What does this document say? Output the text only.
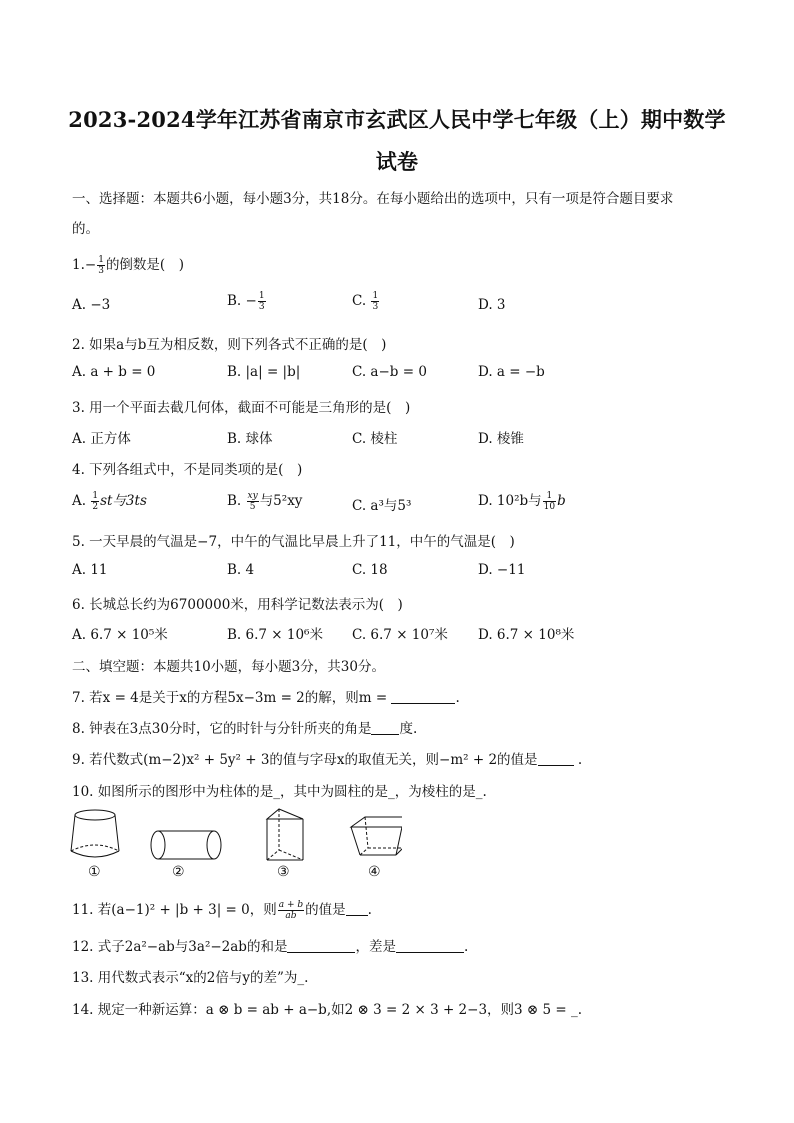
2023-2024学年江苏省南京市玄武区人民中学七年级（上）期中数学
试卷
一、选择题：本题共6小题，每小题3分，共18分。在每小题给出的选项中，只有一项是符合题目要求
的。
$1.- \frac{1}{3}$ 的倒数是(　)
A. −3	B. − $\frac{1}{3}$	C. $\frac{1}{3}$	D. 3
2. 如果a与b互为相反数，则下列各式不正确的是(　)
A. a + b = 0	B. |a| = |b|	C. a−b = 0	D. a = −b
3. 用一个平面去截几何体，截面不可能是三角形的是(　)
A. 正方体	B. 球体	C. 棱柱	D. 棱锥
4. 下列各组式中，不是同类项的是(　)
A. $\frac{1}{2}$ st与3ts	B. $\frac{xy}{5}$ 与5²xy	C. a³与5³	D. 10²b与 $\frac{1}{10}$ b
5. 一天早晨的气温是−7，中午的气温比早晨上升了11，中午的气温是(　)
A. 11	B. 4	C. 18	D. −11
6. 长城总长约为6700000米，用科学记数法表示为(　)
A. 6.7 × 10⁵米	B. 6.7 × 10⁶米 C. 6.7 × 10⁷米 D. 6.7 × 10⁸米
二、填空题：本题共10小题，每小题3分，共30分。
7. 若x = 4是关于x的方程5x−3m = 2的解，则m =	.
8. 钟表在3点30分时，它的时针与分针所夹的角是 度.
9. 若代数式(m−2)x² + 5y² + 3的值与字母x的取值无关，则−m² + 2的值是	.
10. 如图所示的图形中为柱体的是_，其中为圆柱的是_，为棱柱的是_.
①	②	③	④
11. 若(a−1)² + |b + 3| = 0，则 $\frac{a + b}{ab}$ 的值是 .
12. 式子2a²−ab与3a²−2ab的和是	，差是	.
13. 用代数式表示“x的2倍与y的差”为_.
14. 规定一种新运算：a ⊗ b = ab + a−b,如2 ⊗ 3 = 2 × 3 + 2−3，则3 ⊗ 5 = _.
